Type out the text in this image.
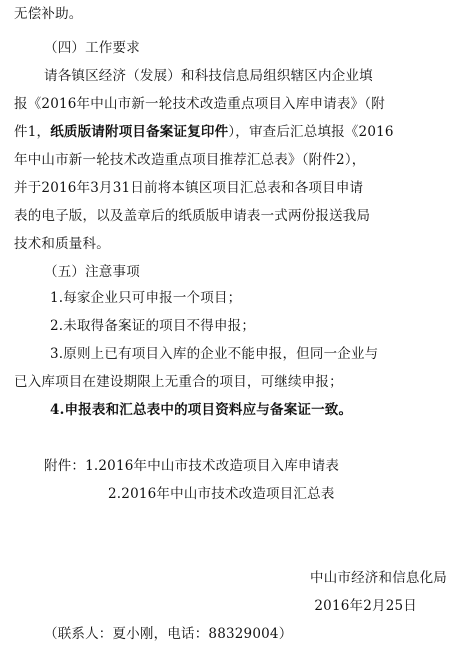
无偿补助。
（四）工作要求
请各镇区经济（发展）和科技信息局组织辖区内企业填
报《2016年中山市新一轮技术改造重点项目入库申请表》（附
件1，纸质版请附项目备案证复印件），审查后汇总填报《2016
年中山市新一轮技术改造重点项目推荐汇总表》（附件2），
并于2016年3月31日前将本镇区项目汇总表和各项目申请
表的电子版，以及盖章后的纸质版申请表一式两份报送我局
技术和质量科。
（五）注意事项
1.每家企业只可申报一个项目；
2.未取得备案证的项目不得申报；
3.原则上已有项目入库的企业不能申报，但同一企业与
已入库项目在建设期限上无重合的项目，可继续申报；
4.申报表和汇总表中的项目资料应与备案证一致。
附件：1.2016年中山市技术改造项目入库申请表
2.2016年中山市技术改造项目汇总表
中山市经济和信息化局
2016年2月25日
（联系人：夏小刚，电话：88329004）
